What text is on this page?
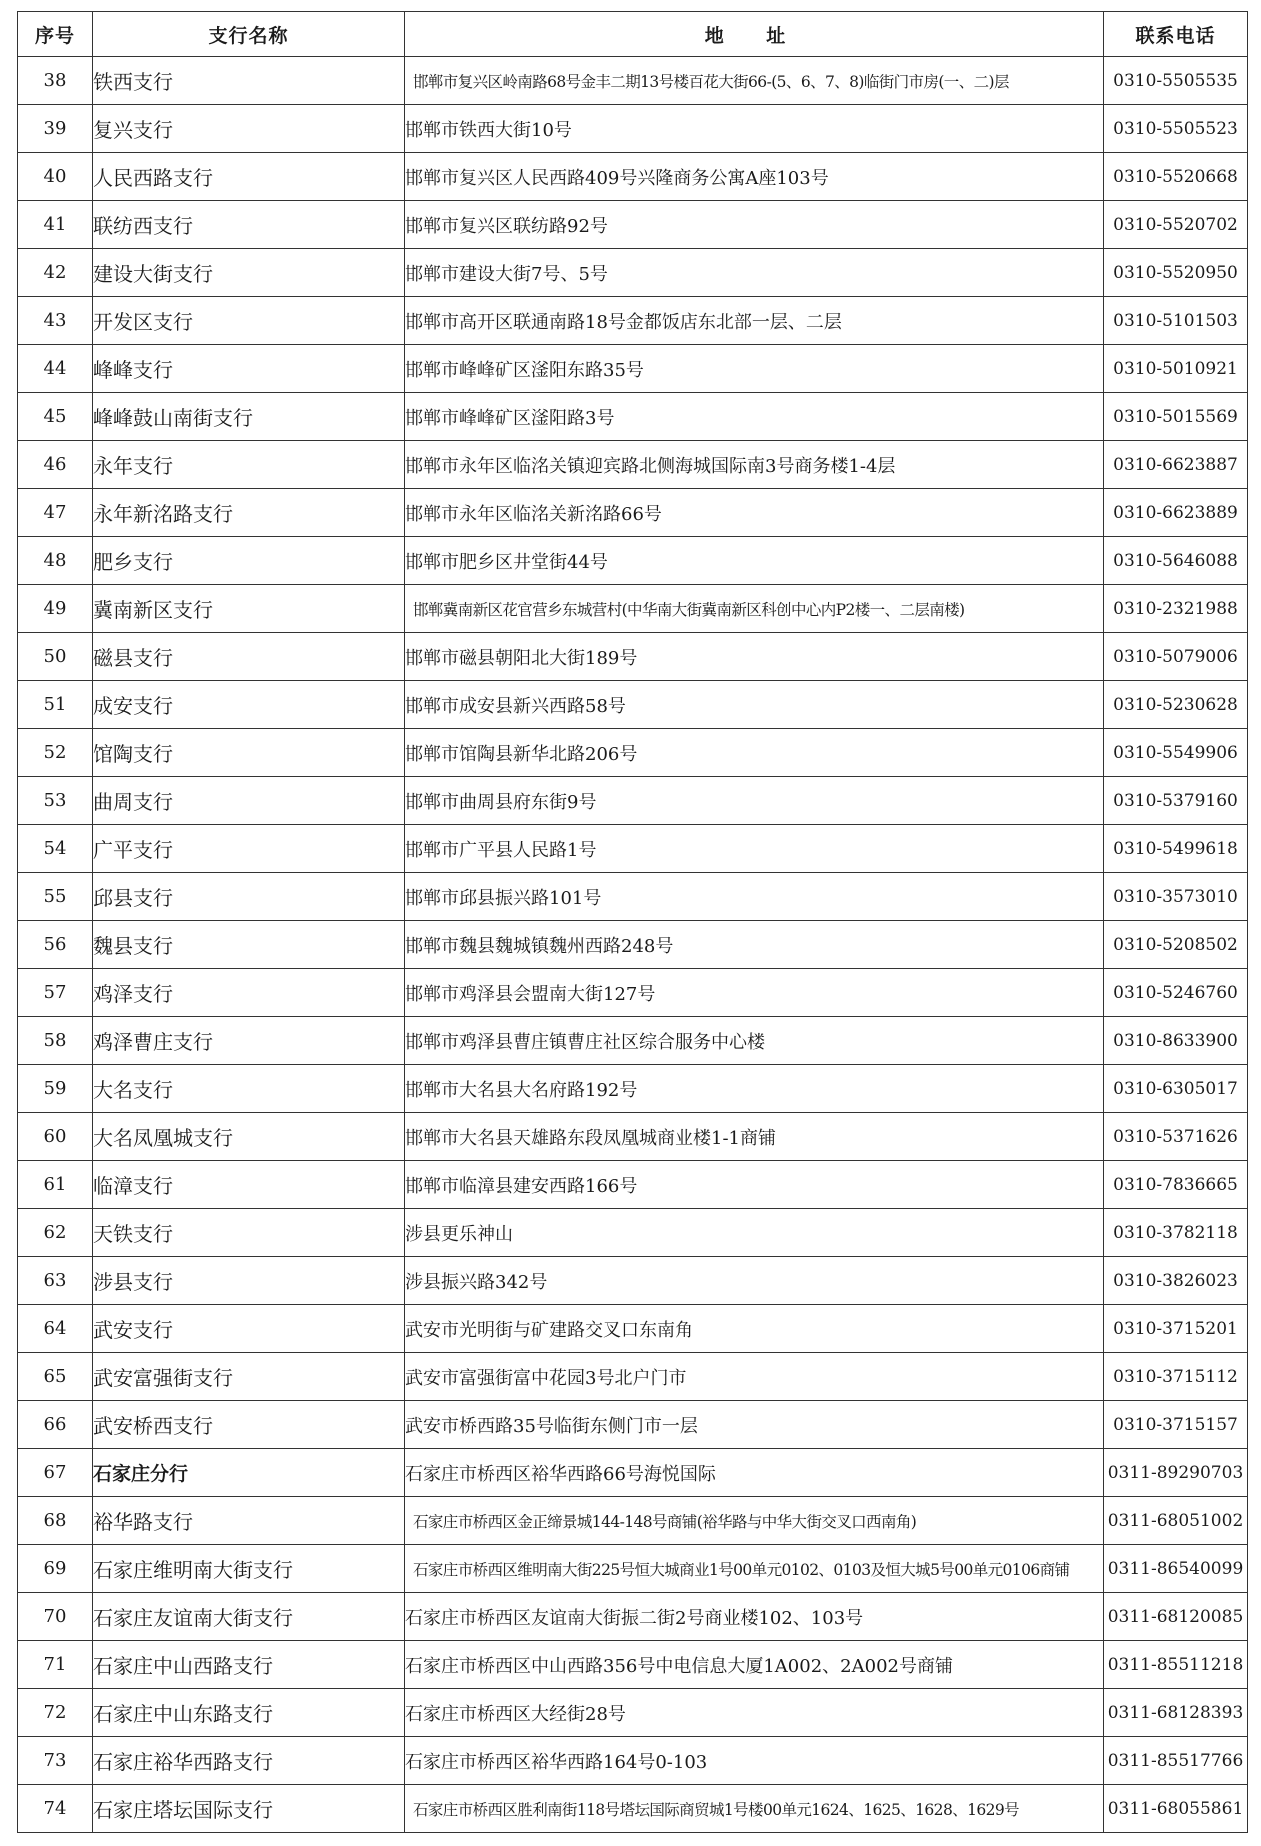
序号	支行名称	地 址	联系电话
38	铁西支行	邯郸市复兴区岭南路68号金丰二期13号楼百花大街66-(5、6、7、8)临街门市房(一、二)层	0310-5505535
39	复兴支行	邯郸市铁西大街10号	0310-5505523
40	人民西路支行	邯郸市复兴区人民西路409号兴隆商务公寓A座103号	0310-5520668
41	联纺西支行	邯郸市复兴区联纺路92号	0310-5520702
42	建设大街支行	邯郸市建设大街7号、5号	0310-5520950
43	开发区支行	邯郸市高开区联通南路18号金都饭店东北部一层、二层	0310-5101503
44	峰峰支行	邯郸市峰峰矿区滏阳东路35号	0310-5010921
45	峰峰鼓山南街支行	邯郸市峰峰矿区滏阳路3号	0310-5015569
46	永年支行	邯郸市永年区临洺关镇迎宾路北侧海城国际南3号商务楼1-4层	0310-6623887
47	永年新洺路支行	邯郸市永年区临洺关新洺路66号	0310-6623889
48	肥乡支行	邯郸市肥乡区井堂街44号	0310-5646088
49	冀南新区支行	邯郸冀南新区花官营乡东城营村(中华南大街冀南新区科创中心内P2楼一、二层南楼)	0310-2321988
50	磁县支行	邯郸市磁县朝阳北大街189号	0310-5079006
51	成安支行	邯郸市成安县新兴西路58号	0310-5230628
52	馆陶支行	邯郸市馆陶县新华北路206号	0310-5549906
53	曲周支行	邯郸市曲周县府东街9号	0310-5379160
54	广平支行	邯郸市广平县人民路1号	0310-5499618
55	邱县支行	邯郸市邱县振兴路101号	0310-3573010
56	魏县支行	邯郸市魏县魏城镇魏州西路248号	0310-5208502
57	鸡泽支行	邯郸市鸡泽县会盟南大街127号	0310-5246760
58	鸡泽曹庄支行	邯郸市鸡泽县曹庄镇曹庄社区综合服务中心楼	0310-8633900
59	大名支行	邯郸市大名县大名府路192号	0310-6305017
60	大名凤凰城支行	邯郸市大名县天雄路东段凤凰城商业楼1-1商铺	0310-5371626
61	临漳支行	邯郸市临漳县建安西路166号	0310-7836665
62	天铁支行	涉县更乐神山	0310-3782118
63	涉县支行	涉县振兴路342号	0310-3826023
64	武安支行	武安市光明街与矿建路交叉口东南角	0310-3715201
65	武安富强街支行	武安市富强街富中花园3号北户门市	0310-3715112
66	武安桥西支行	武安市桥西路35号临街东侧门市一层	0310-3715157
67	石家庄分行	石家庄市桥西区裕华西路66号海悦国际	0311-89290703
68	裕华路支行	石家庄市桥西区金正缔景城144-148号商铺(裕华路与中华大街交叉口西南角)	0311-68051002
69	石家庄维明南大街支行	石家庄市桥西区维明南大街225号恒大城商业1号00单元0102、0103及恒大城5号00单元0106商铺	0311-86540099
70	石家庄友谊南大街支行	石家庄市桥西区友谊南大街振二街2号商业楼102、103号	0311-68120085
71	石家庄中山西路支行	石家庄市桥西区中山西路356号中电信息大厦1A002、2A002号商铺	0311-85511218
72	石家庄中山东路支行	石家庄市桥西区大经街28号	0311-68128393
73	石家庄裕华西路支行	石家庄市桥西区裕华西路164号0-103	0311-85517766
74	石家庄塔坛国际支行	石家庄市桥西区胜利南街118号塔坛国际商贸城1号楼00单元1624、1625、1628、1629号	0311-68055861
